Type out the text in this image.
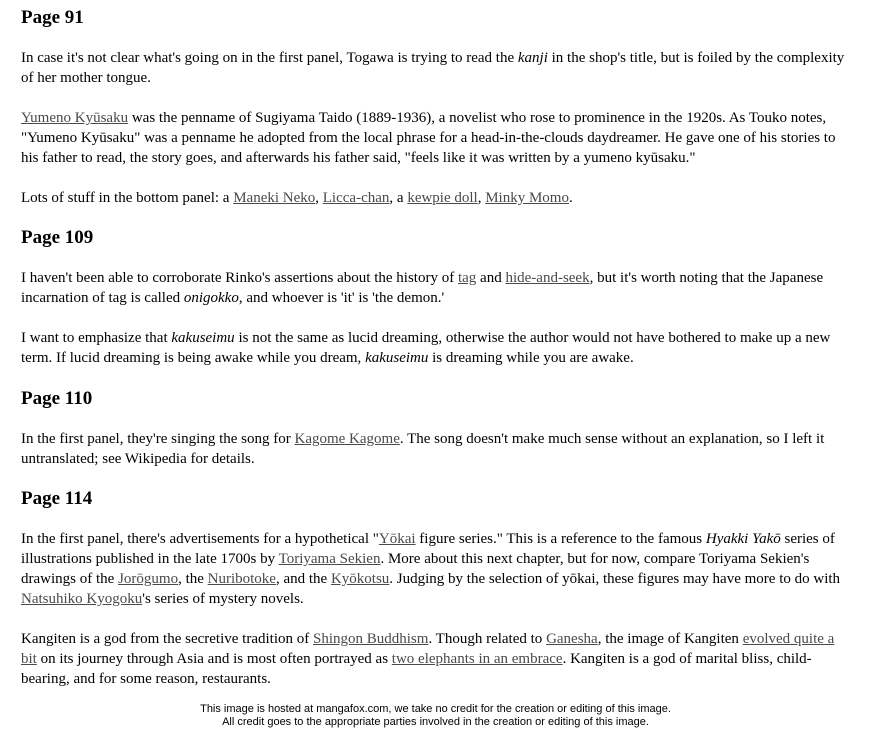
Page 91

In case it's not clear what's going on in the first panel, Togawa is trying to read the kanji in the shop's title, but is foiled by the complexity of her mother tongue.

Yumeno Kyūsaku was the penname of Sugiyama Taido (1889-1936), a novelist who rose to prominence in the 1920s. As Touko notes, "Yumeno Kyūsaku" was a penname he adopted from the local phrase for a head-in-the-clouds daydreamer. He gave one of his stories to his father to read, the story goes, and afterwards his father said, "feels like it was written by a yumeno kyūsaku."

Lots of stuff in the bottom panel: a Maneki Neko, Licca-chan, a kewpie doll, Minky Momo.

Page 109

I haven't been able to corroborate Rinko's assertions about the history of tag and hide-and-seek, but it's worth noting that the Japanese incarnation of tag is called onigokko, and whoever is 'it' is 'the demon.'

I want to emphasize that kakuseimu is not the same as lucid dreaming, otherwise the author would not have bothered to make up a new term. If lucid dreaming is being awake while you dream, kakuseimu is dreaming while you are awake.

Page 110

In the first panel, they're singing the song for Kagome Kagome. The song doesn't make much sense without an explanation, so I left it untranslated; see Wikipedia for details.

Page 114

In the first panel, there's advertisements for a hypothetical "Yōkai figure series." This is a reference to the famous Hyakki Yakō series of illustrations published in the late 1700s by Toriyama Sekien. More about this next chapter, but for now, compare Toriyama Sekien's drawings of the Jorōgumo, the Nuribotoke, and the Kyōkotsu. Judging by the selection of yōkai, these figures may have more to do with Natsuhiko Kyogoku's series of mystery novels.

Kangiten is a god from the secretive tradition of Shingon Buddhism. Though related to Ganesha, the image of Kangiten evolved quite a bit on its journey through Asia and is most often portrayed as two elephants in an embrace. Kangiten is a god of marital bliss, child-bearing, and for some reason, restaurants.

This image is hosted at mangafox.com, we take no credit for the creation or editing of this image.
All credit goes to the appropriate parties involved in the creation or editing of this image.
